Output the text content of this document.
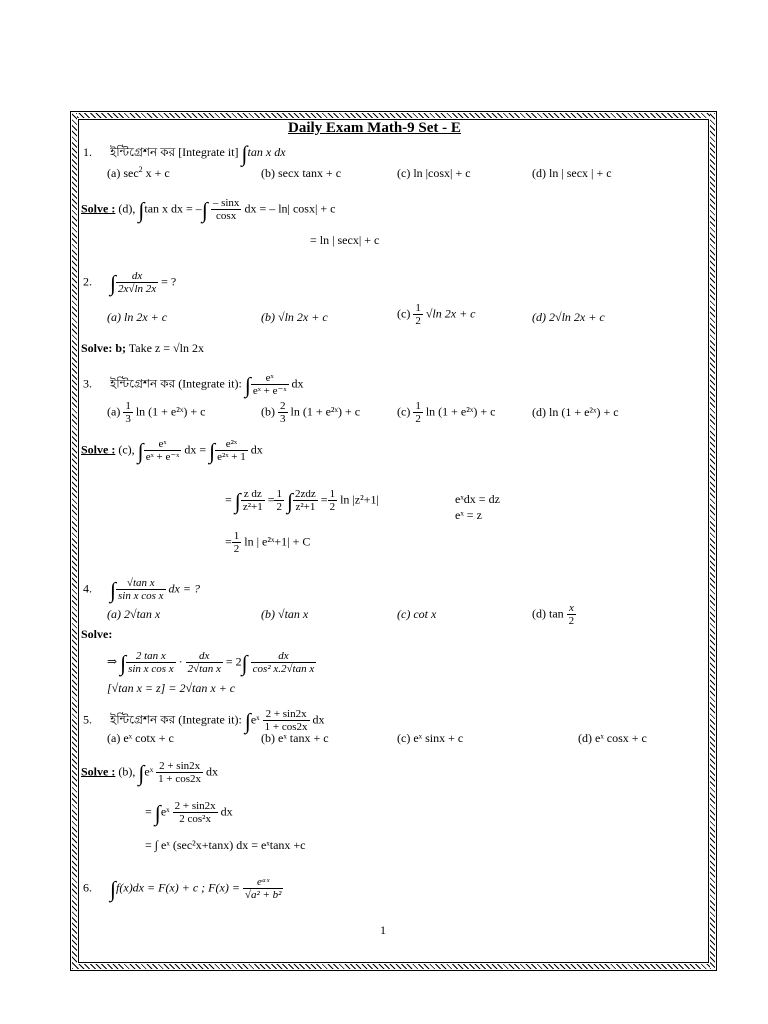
Daily Exam Math-9 Set - E
1. ইন্টিগ্রেশন কর [Integrate it] ∫tan x dx
(a) $\sec^2 x + c$	(b) secx tanx + c	(c) ln |cosx| + c	(d) ln | secx | + c
Solve : (d), ∫tan x dx = –∫ $\frac{- \sin x}{\cos x}$ dx = – ln| cosx| + c
= ln | secx| + c
2. ∫ $\frac{dx}{2x√\ln 2x}$ = ?
(a) ln 2x + c	(b) √ln 2x + c	$(c) \frac{1}{2} √\ln$ 2x + c	(d) 2√ln 2x + c
Solve: b; Take z = √ln 2x
3. ইন্টিগ্রেশন কর (Integrate it): ∫ $\frac{\text{eˣ}}{\text{eˣ + e⁻ˣ}}$ dx
$(a) \frac{1}{3}$ ln (1 + e²ˣ) + c	$(b) \frac{2}{3}$ ln (1 + e²ˣ) + c	$(c) \frac{1}{2}$ ln (1 + e²ˣ) + c	(d) ln (1 + e²ˣ) + c
Solve : (c), ∫ $\frac{\text{eˣ}}{\text{eˣ + e⁻ˣ}}$ dx = ∫ $\frac{\text{e²ˣ}}{\text{e²ˣ + 1}}$ dx
= ∫ $\frac{\text{z dz}}{\text{z²+1}} = \frac{1}{2}$ ∫ $\frac{\text{2zdz}}{\text{z²+1}} = \frac{1}{2}$ ln |z²+1|	eˣdx = dz
eˣ = z
= $\frac{1}{2}$ ln | e²ˣ+1| + C
4. ∫ $\frac{\text{√tan x}}{\text{sin x cos x}}$ dx = ?
(a) 2√tan x	(b) √tan x	(c) cot x	(d) $\tan \frac{x}{2}$
Solve:
⇒ ∫ $\frac{\text{2 tan x}}{\text{sin x cos x}} \cdot \frac{dx}{\text{2√tan x}} = 2\int \frac{dx}{\text{cos² x.2√tan x}}$
[√tan x = z] = 2√tan x + c
5. ইন্টিগ্রেশন কর (Integrate it): ∫eˣ $\frac{2 + \sin 2x}{1 + \cos 2x}$ dx
(a) eˣ cotx + c	(b) eˣ tanx + c	(c) eˣ sinx + c	(d) eˣ cosx + c
Solve : (b), ∫eˣ $\frac{2 + \sin 2x}{1 + \cos 2x}$ dx
= ∫eˣ $\frac{2 + \sin 2x}{\text{2 cos²x}}$ dx
= ∫ eˣ (sec²x+tanx) dx = eˣtanx +c
6. ∫f(x)dx = F(x) + c ; $F(x) = \frac{\text{eᵃˣ}}{\text{√a² + b²}}$
1
